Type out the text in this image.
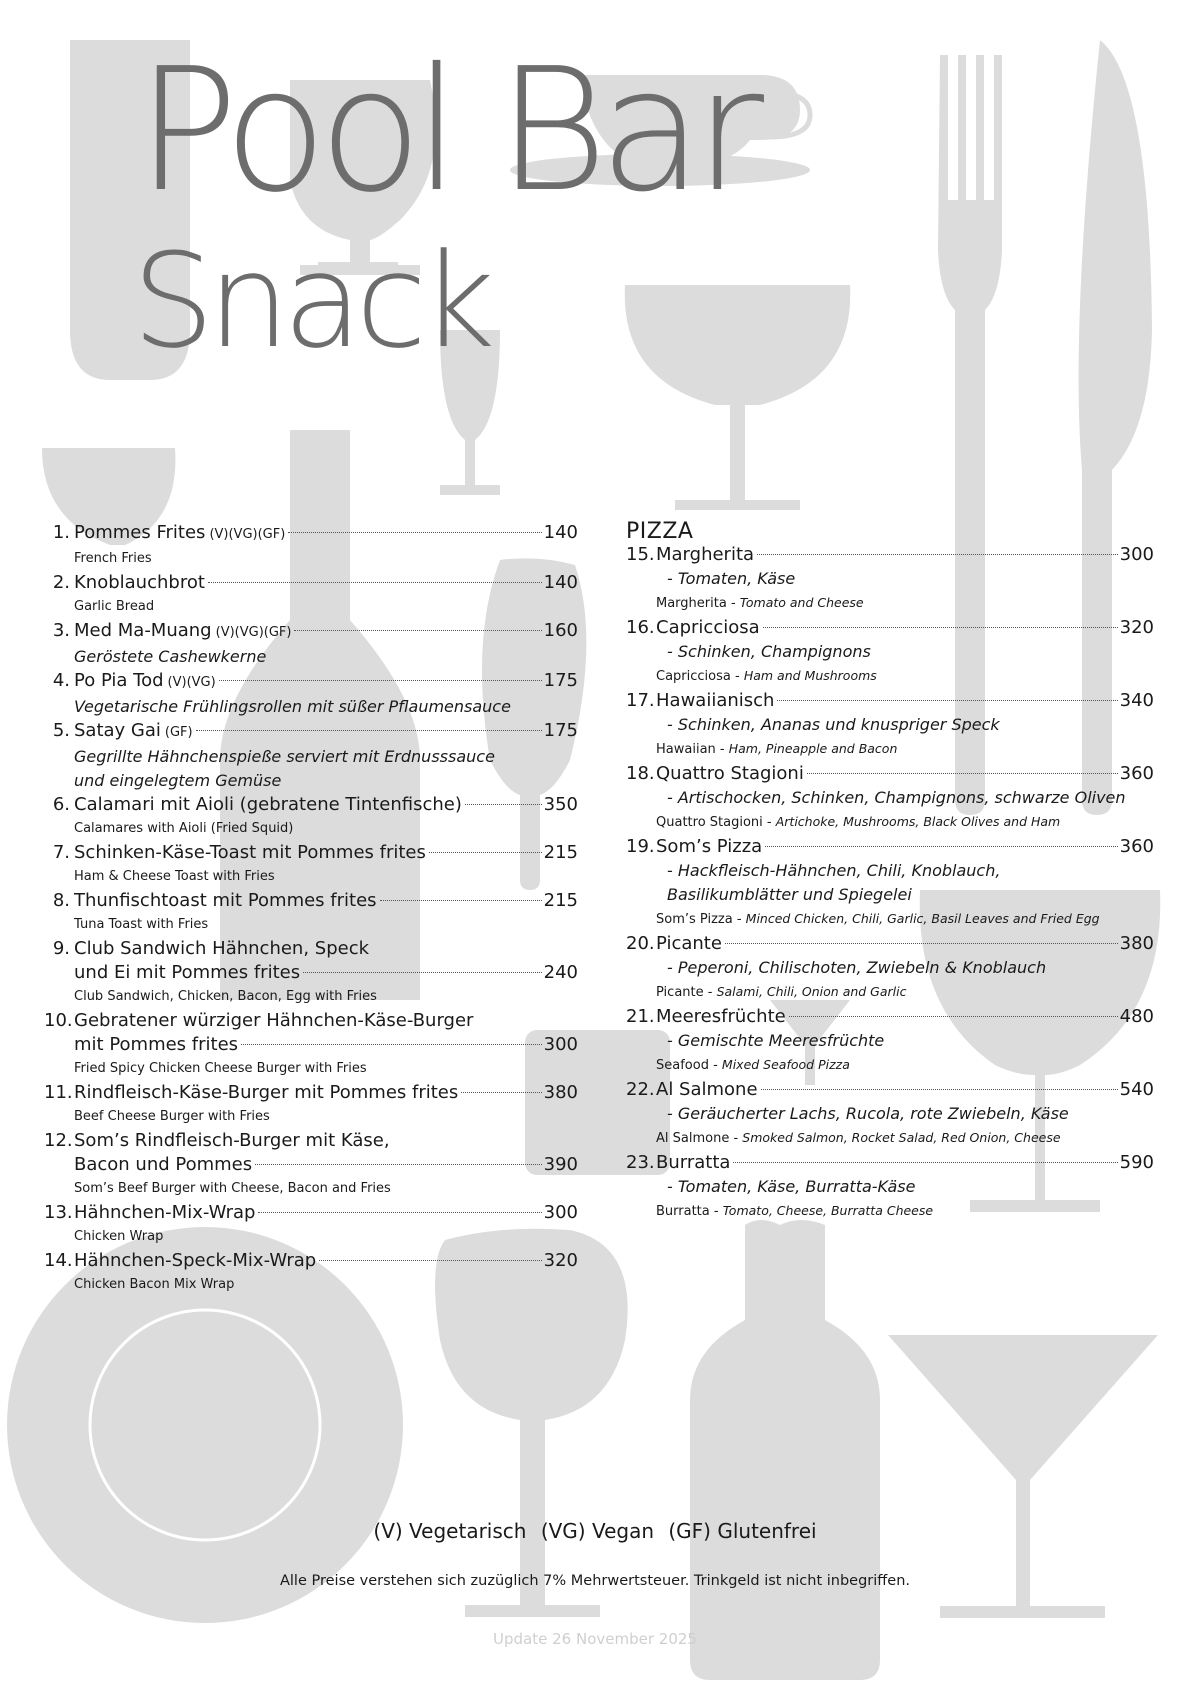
Pool Bar
Snack
1. Pommes Frites (V)(VG)(GF)	140
French Fries
2. Knoblauchbrot	140
Garlic Bread
3. Med Ma-Muang (V)(VG)(GF)	160
Geröstete Cashewkerne
4. Po Pia Tod (V)(VG)	175
Vegetarische Frühlingsrollen mit süßer Pflaumensauce
5. Satay Gai (GF)	175
Gegrillte Hähnchenspieße serviert mit Erdnusssauce
und eingelegtem Gemüse
6. Calamari mit Aioli (gebratene Tintenfische)	350
Calamares with Aioli (Fried Squid)
7. Schinken-Käse-Toast mit Pommes frites	215
Ham & Cheese Toast with Fries
8. Thunfischtoast mit Pommes frites	215
Tuna Toast with Fries
9. Club Sandwich Hähnchen, Speck
und Ei mit Pommes frites	240
Club Sandwich, Chicken, Bacon, Egg with Fries
10. Gebratener würziger Hähnchen-Käse-Burger
mit Pommes frites	300
Fried Spicy Chicken Cheese Burger with Fries
11. Rindfleisch-Käse-Burger mit Pommes frites	380
Beef Cheese Burger with Fries
12. Som’s Rindfleisch-Burger mit Käse,
Bacon und Pommes	390
Som’s Beef Burger with Cheese, Bacon and Fries
13. Hähnchen-Mix-Wrap	300
Chicken Wrap
14. Hähnchen-Speck-Mix-Wrap	320
Chicken Bacon Mix Wrap
PIZZA
15. Margherita	300
- Tomaten, Käse
Margherita - Tomato and Cheese
16. Capricciosa	320
- Schinken, Champignons
Capricciosa - Ham and Mushrooms
17. Hawaiianisch	340
- Schinken, Ananas und knuspriger Speck
Hawaiian - Ham, Pineapple and Bacon
18. Quattro Stagioni	360
- Artischocken, Schinken, Champignons, schwarze Oliven
Quattro Stagioni - Artichoke, Mushrooms, Black Olives and Ham
19. Som’s Pizza	360
- Hackfleisch-Hähnchen, Chili, Knoblauch,
Basilikumblätter und Spiegelei
Som’s Pizza - Minced Chicken, Chili, Garlic, Basil Leaves and Fried Egg
20. Picante	380
- Peperoni, Chilischoten, Zwiebeln & Knoblauch
Picante - Salami, Chili, Onion and Garlic
21. Meeresfrüchte	480
- Gemischte Meeresfrüchte
Seafood - Mixed Seafood Pizza
22. Al Salmone	540
- Geräucherter Lachs, Rucola, rote Zwiebeln, Käse
Al Salmone - Smoked Salmon, Rocket Salad, Red Onion, Cheese
23. Burratta	590
- Tomaten, Käse, Burratta-Käse
Burratta - Tomato, Cheese, Burratta Cheese
(V) Vegetarisch (VG) Vegan (GF) Glutenfrei
Alle Preise verstehen sich zuzüglich 7% Mehrwertsteuer. Trinkgeld ist nicht inbegriffen.
Update 26 November 2025
